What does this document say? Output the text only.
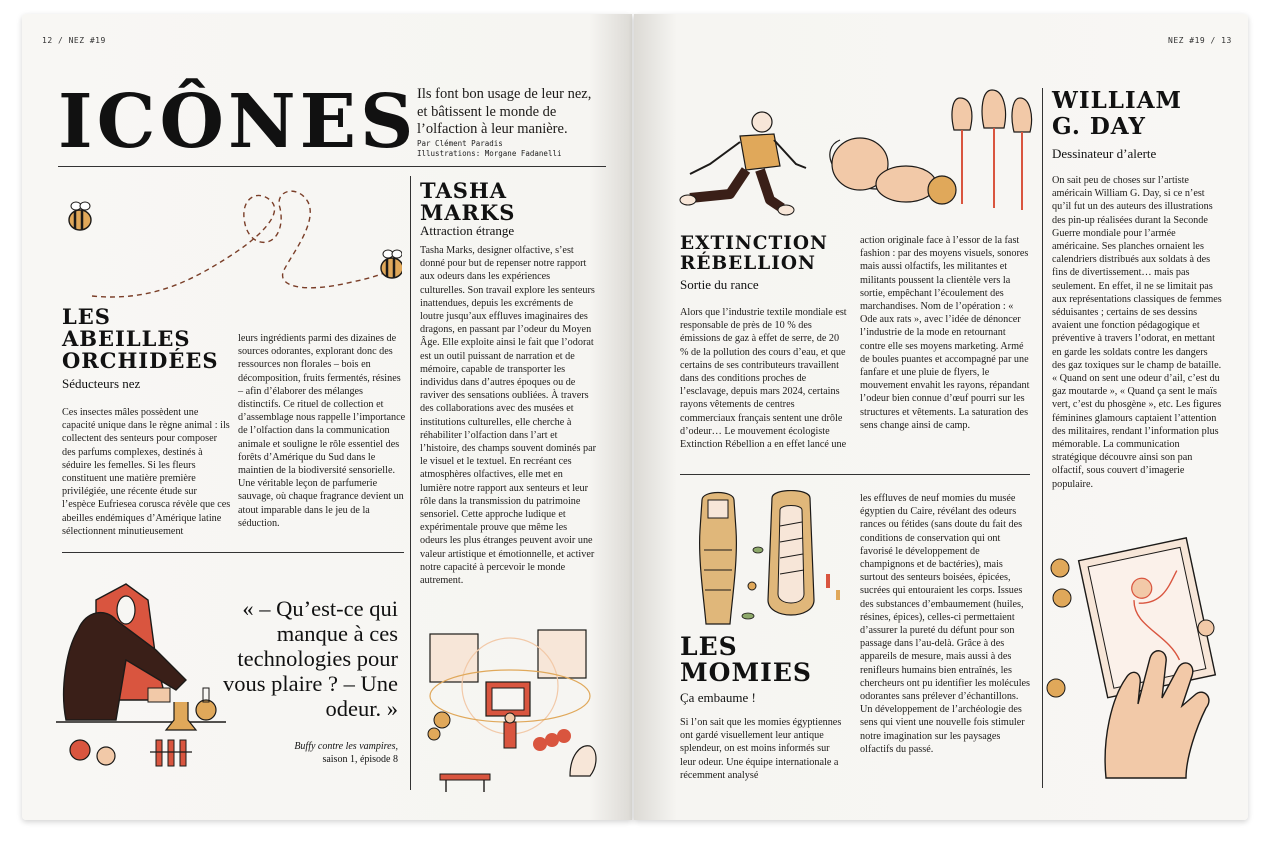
12 / NEZ #19
ICÔNES Ils font bon usage de leur nez, et bâtissent le monde de l’olfaction à leur manière.
Par Clément Paradis
Illustrations: Morgane Fadanelli
LES ABEILLES ORCHIDÉES
Séducteurs nez
Ces insectes mâles possèdent une capacité unique dans le règne animal : ils collectent des senteurs pour composer des parfums complexes, destinés à séduire les femelles. Si les fleurs constituent une matière première privilégiée, une récente étude sur l’espèce Eufriesea corusca révèle que ces abeilles endémiques d’Amérique latine sélectionnent minutieusement
leurs ingrédients parmi des dizaines de sources odorantes, explorant donc des ressources non florales – bois en décomposition, fruits fermentés, résines – afin d’élaborer des mélanges distinctifs. Ce rituel de collection et d’assemblage nous rappelle l’importance de l’olfaction dans la communication animale et souligne le rôle essentiel des forêts d’Amérique du Sud dans le maintien de la biodiversité sensorielle. Une véritable leçon de parfumerie sauvage, où chaque fragrance devient un atout imparable dans le jeu de la séduction.
« – Qu’est-ce qui manque à ces technologies pour vous plaire ? – Une odeur. »
Buffy contre les vampires,
saison 1, épisode 8
TASHA MARKS
Attraction étrange
Tasha Marks, designer olfactive, s’est donné pour but de repenser notre rapport aux odeurs dans les expériences culturelles. Son travail explore les senteurs inattendues, depuis les excréments de loutre jusqu’aux effluves imaginaires des dragons, en passant par l’odeur du Moyen Âge. Elle exploite ainsi le fait que l’odorat est un outil puissant de narration et de mémoire, capable de transporter les individus dans d’autres époques ou de raviver des sensations oubliées. À travers des collaborations avec des musées et institutions culturelles, elle cherche à réhabiliter l’olfaction dans l’art et l’histoire, des champs souvent dominés par le visuel et le textuel. En recréant ces atmosphères olfactives, elle met en lumière notre rapport aux senteurs et leur rôle dans la transmission du patrimoine sensoriel. Cette approche ludique et expérimentale prouve que même les odeurs les plus étranges peuvent avoir une valeur artistique et émotionnelle, et activer notre capacité à percevoir le monde autrement.
NEZ #19 / 13
EXTINCTION RÉBELLION
Sortie du rance
Alors que l’industrie textile mondiale est responsable de près de 10 % des émissions de gaz à effet de serre, de 20 % de la pollution des cours d’eau, et que certains de ses contributeurs travaillent dans des conditions proches de l’esclavage, depuis mars 2024, certains rayons vêtements de centres commerciaux français sentent une drôle d’odeur… Le mouvement écologiste Extinction Rébellion a en effet lancé une
action originale face à l’essor de la fast fashion : par des moyens visuels, sonores mais aussi olfactifs, les militantes et militants poussent la clientèle vers la sortie, empêchant l’écoulement des marchandises. Nom de l’opération : « Ode aux rats », avec l’idée de dénoncer l’industrie de la mode en retournant contre elle ses moyens marketing. Armé de boules puantes et accompagné par une fanfare et une pluie de flyers, le mouvement envahit les rayons, répandant l’odeur bien connue d’œuf pourri sur les structures et vêtements. La saturation des sens change ainsi de camp.
LES MOMIES
Ça embaume !
Si l’on sait que les momies égyptiennes ont gardé visuellement leur antique splendeur, on est moins informés sur leur odeur. Une équipe internationale a récemment analysé
les effluves de neuf momies du musée égyptien du Caire, révélant des odeurs rances ou fétides (sans doute du fait des conditions de conservation qui ont favorisé le développement de champignons et de bactéries), mais surtout des senteurs boisées, épicées, sucrées qui entouraient les corps. Issues des substances d’embaumement (huiles, résines, épices), celles-ci permettaient d’assurer la pureté du défunt pour son passage dans l’au-delà. Grâce à des appareils de mesure, mais aussi à des renifleurs humains bien entraînés, les chercheurs ont pu identifier les molécules odorantes sans prélever d’échantillons. Un développement de l’archéologie des sens qui vient une nouvelle fois stimuler notre imagination sur les paysages olfactifs du passé.
WILLIAM G. DAY
Dessinateur d’alerte
On sait peu de choses sur l’artiste américain William G. Day, si ce n’est qu’il fut un des auteurs des illustrations des pin-up réalisées durant la Seconde Guerre mondiale pour l’armée américaine. Ses planches ornaient les calendriers distribués aux soldats à des fins de divertissement… mais pas seulement. En effet, il ne se limitait pas aux représentations classiques de femmes séduisantes ; certains de ses dessins avaient une fonction pédagogique et préventive à travers l’odorat, en mettant en garde les soldats contre les dangers des gaz toxiques sur le champ de bataille. « Quand on sent une odeur d’ail, c’est du gaz moutarde », « Quand ça sent le maïs vert, c’est du phosgène », etc. Les figures féminines glamours captaient l’attention des militaires, rendant l’information plus mémorable. La communication stratégique découvre ainsi son pan olfactif, sous couvert d’imagerie populaire.
